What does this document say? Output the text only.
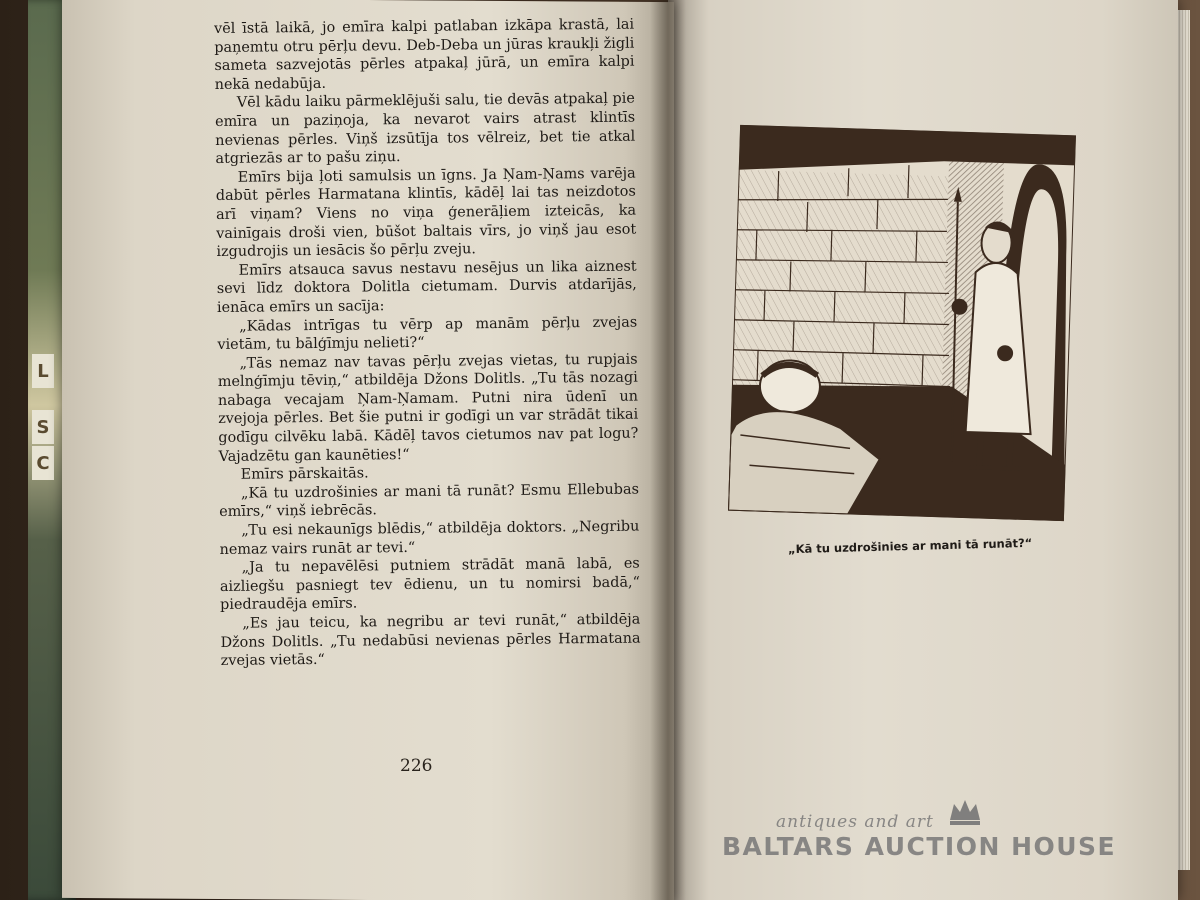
L
S
C

vēl īstā laikā, jo emīra kalpi patlaban izkāpa krastā, lai paņemtu otru pērļu devu. Deb-Deba un jūras kraukļi žigli sameta sazvejotās pērles atpakaļ jūrā, un emīra kalpi nekā nedabūja.

Vēl kādu laiku pārmeklējuši salu, tie devās atpakaļ pie emīra un paziņoja, ka nevarot vairs atrast klintīs nevienas pērles. Viņš izsūtīja tos vēlreiz, bet tie atkal atgriezās ar to pašu ziņu.

Emīrs bija ļoti samulsis un īgns. Ja Ņam-Ņams varēja dabūt pērles Harmatana klintīs, kādēļ lai tas neizdotos arī viņam? Viens no viņa ģenerāļiem izteicās, ka vainīgais droši vien, būšot baltais vīrs, jo viņš jau esot izgudrojis un iesācis šo pērļu zveju.

Emīrs atsauca savus nestavu nesējus un lika aiznest sevi līdz doktora Dolitla cietumam. Durvis atdarījās, ienāca emīrs un sacīja:

„Kādas intrīgas tu vērp ap manām pērļu zvejas vietām, tu bālģīmju nelieti?“

„Tās nemaz nav tavas pērļu zvejas vietas, tu rupjais melnģīmju tēviņ,“ atbildēja Džons Dolitls. „Tu tās nozagi nabaga vecajam Ņam-Ņamam. Putni nira ūdenī un zvejoja pērles. Bet šie putni ir godīgi un var strādāt tikai godīgu cilvēku labā. Kādēļ tavos cietumos nav pat logu? Vajadzētu gan kaunēties!“

Emīrs pārskaitās.

„Kā tu uzdrošinies ar mani tā runāt? Esmu Ellebubas emīrs,“ viņš iebrēcās.

„Tu esi nekaunīgs blēdis,“ atbildēja doktors. „Negribu nemaz vairs runāt ar tevi.“

„Ja tu nepavēlēsi putniem strādāt manā labā, es aizliegšu pasniegt tev ēdienu, un tu nomirsi badā,“ piedraudēja emīrs.

„Es jau teicu, ka negribu ar tevi runāt,“ atbildēja Džons Dolitls. „Tu nedabūsi nevienas pērles Harmatana zvejas vietās.“

226
„Kā tu uzdrošinies ar mani tā runāt?“
antiques and art
BALTARS AUCTION HOUSE
